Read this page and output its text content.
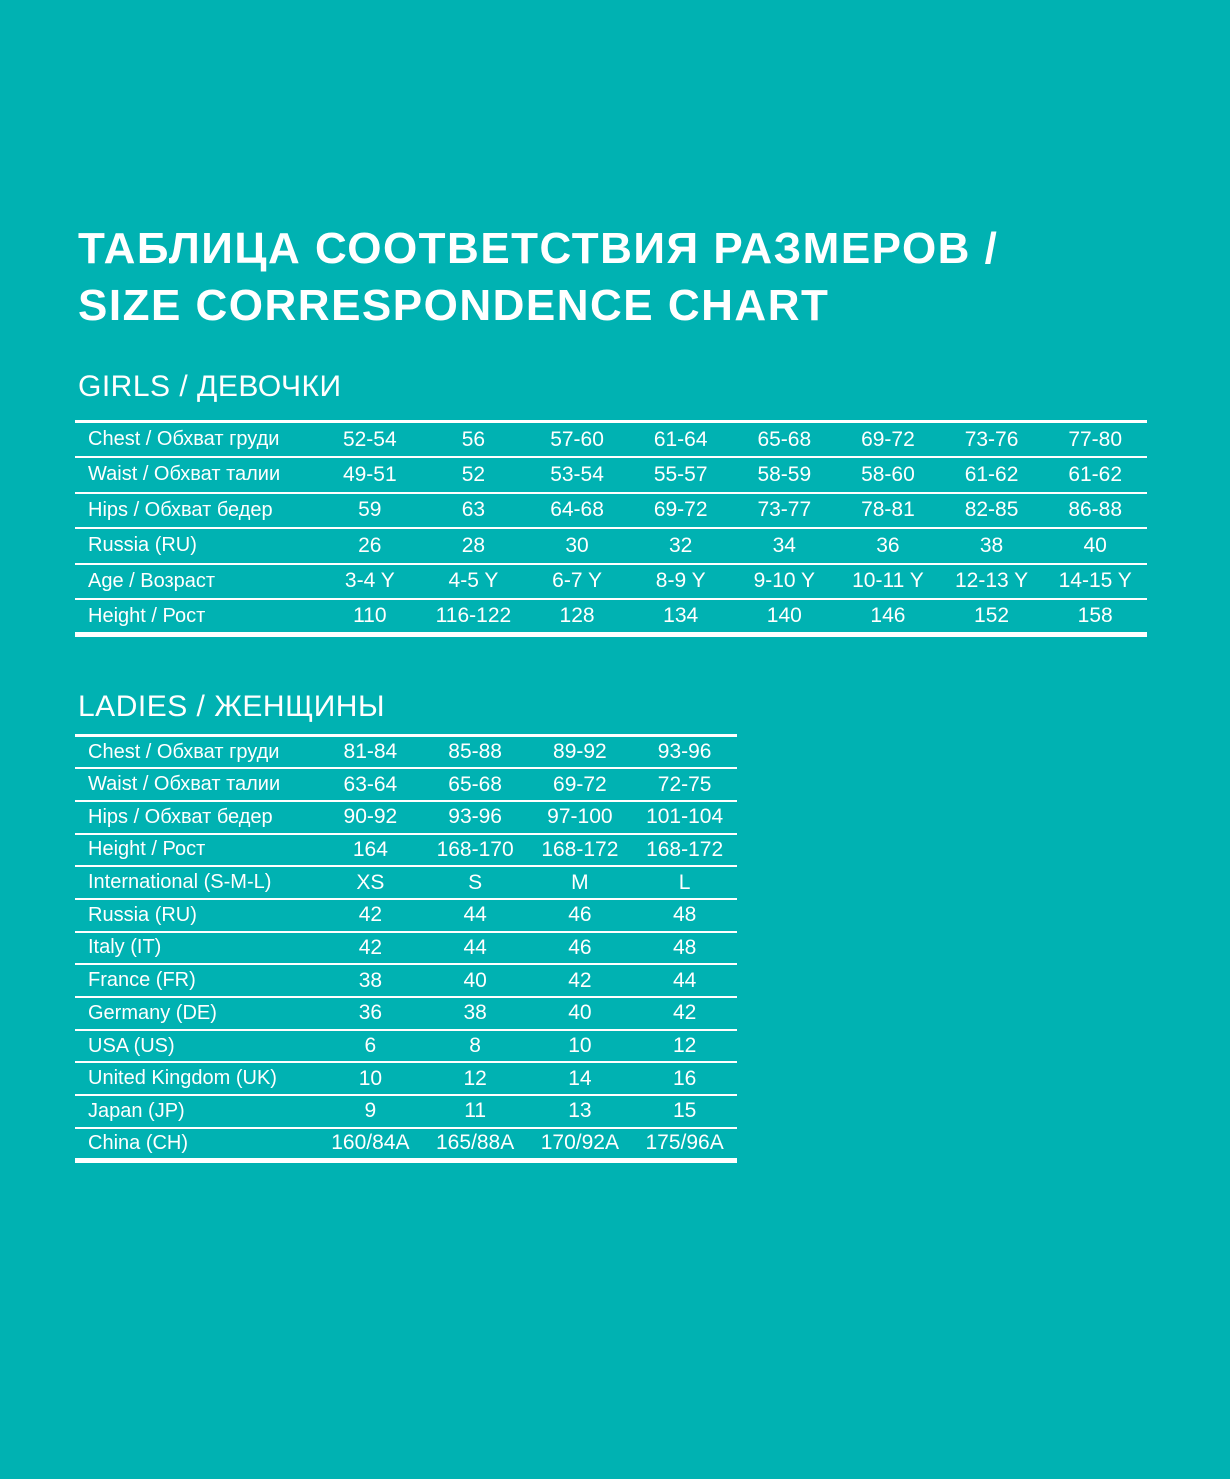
ТАБЛИЦА СООТВЕТСТВИЯ РАЗМЕРОВ /
SIZE CORRESPONDENCE CHART
GIRLS / ДЕВОЧКИ
Chest / Обхват груди	52-54	56	57-60	61-64	65-68	69-72	73-76	77-80
Waist / Обхват талии	49-51	52	53-54	55-57	58-59	58-60	61-62	61-62
Hips / Обхват бедер	59	63	64-68	69-72	73-77	78-81	82-85	86-88
Russia (RU)	26	28	30	32	34	36	38	40
Age / Возраст	3-4 Y	4-5 Y	6-7 Y	8-9 Y	9-10 Y	10-11 Y	12-13 Y	14-15 Y
Height / Рост	110	116-122	128	134	140	146	152	158
LADIES / ЖЕНЩИНЫ
Chest / Обхват груди	81-84	85-88	89-92	93-96
Waist / Обхват талии	63-64	65-68	69-72	72-75
Hips / Обхват бедер	90-92	93-96	97-100	101-104
Height / Рост	164	168-170	168-172	168-172
International (S-M-L)	XS	S	M	L
Russia (RU)	42	44	46	48
Italy (IT)	42	44	46	48
France (FR)	38	40	42	44
Germany (DE)	36	38	40	42
USA (US)	6	8	10	12
United Kingdom (UK)	10	12	14	16
Japan (JP)	9	11	13	15
China (CH)	160/84A	165/88A	170/92A	175/96A
